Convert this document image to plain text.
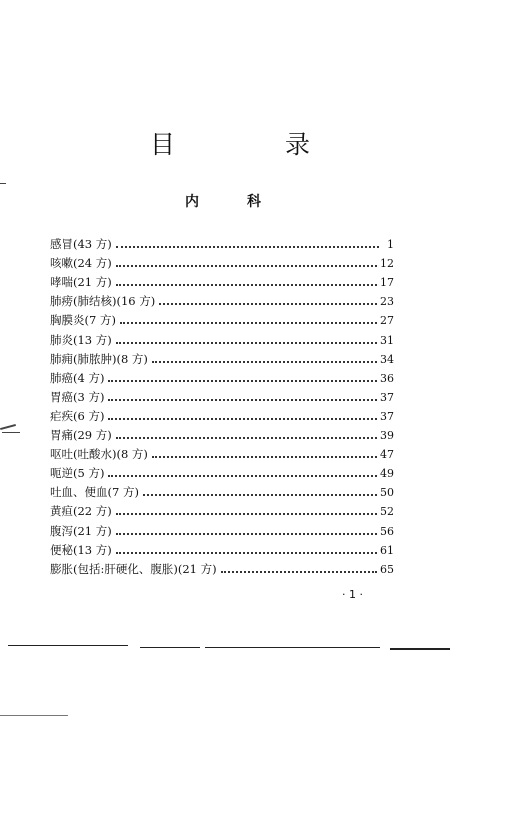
目	录
内	科
感冒(43 方)	1
咳嗽(24 方)	12
哮喘(21 方)	17
肺痨(肺结核)(16 方)	23
胸膜炎(7 方)	27
肺炎(13 方)	31
肺痈(肺脓肿)(8 方)	34
肺癌(4 方)	36
胃癌(3 方)	37
疟疾(6 方)	37
胃痛(29 方)	39
呕吐(吐酸水)(8 方)	47
呃逆(5 方)	49
吐血、便血(7 方)	50
黄疸(22 方)	52
腹泻(21 方)	56
便秘(13 方)	61
膨胀(包括:肝硬化、腹胀)(21 方)	65
· 1 ·
